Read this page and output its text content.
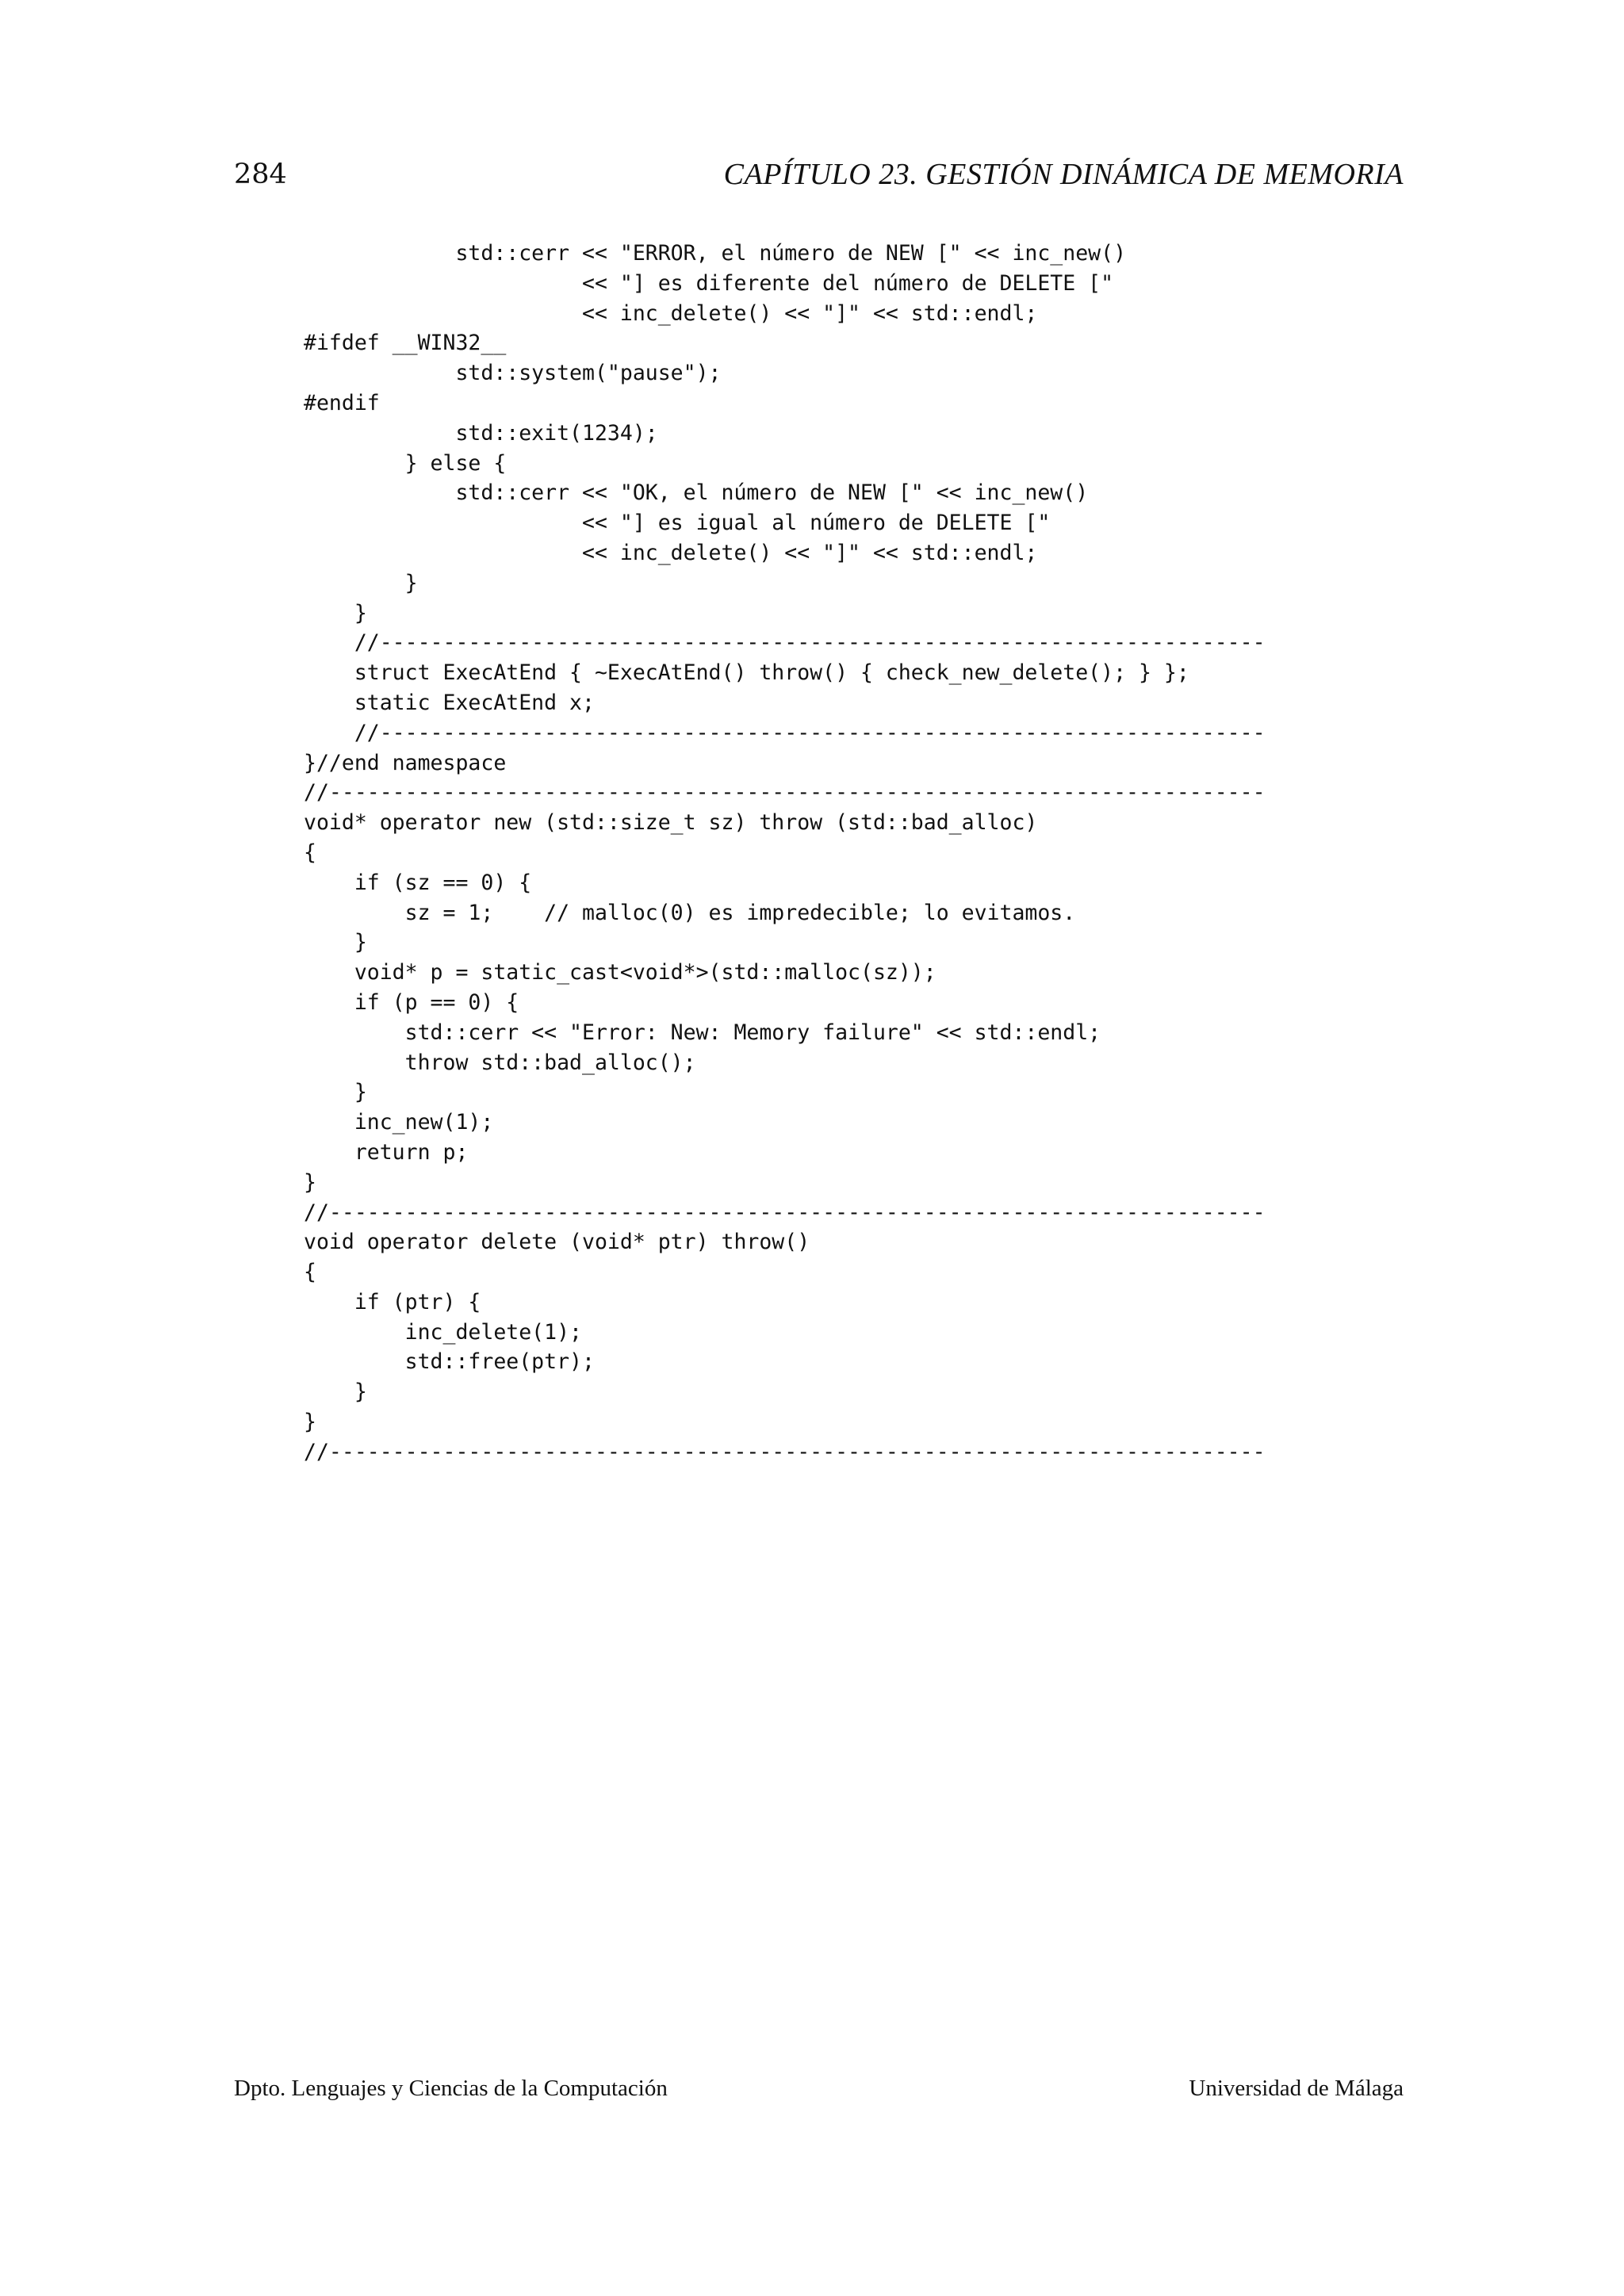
284	CAPÍTULO 23. GESTIÓN DINÁMICA DE MEMORIA
std::cerr << "ERROR, el número de NEW [" << inc_new()
<< "] es diferente del número de DELETE ["
<< inc_delete() << "]" << std::endl;
#ifdef __WIN32__
std::system("pause");
#endif
std::exit(1234);
} else {
std::cerr << "OK, el número de NEW [" << inc_new()
<< "] es igual al número de DELETE ["
<< inc_delete() << "]" << std::endl;
}
}
//----------------------------------------------------------------------
struct ExecAtEnd { ~ExecAtEnd() throw() { check_new_delete(); } };
static ExecAtEnd x;
//----------------------------------------------------------------------
}//end namespace
//--------------------------------------------------------------------------
void* operator new (std::size_t sz) throw (std::bad_alloc)
{
if (sz == 0) {
sz = 1;    // malloc(0) es impredecible; lo evitamos.
}
void* p = static_cast<void*>(std::malloc(sz));
if (p == 0) {
std::cerr << "Error: New: Memory failure" << std::endl;
throw std::bad_alloc();
}
inc_new(1);
return p;
}
//--------------------------------------------------------------------------
void operator delete (void* ptr) throw()
{
if (ptr) {
inc_delete(1);
std::free(ptr);
}
}
//--------------------------------------------------------------------------
Dpto. Lenguajes y Ciencias de la Computación	Universidad de Málaga
